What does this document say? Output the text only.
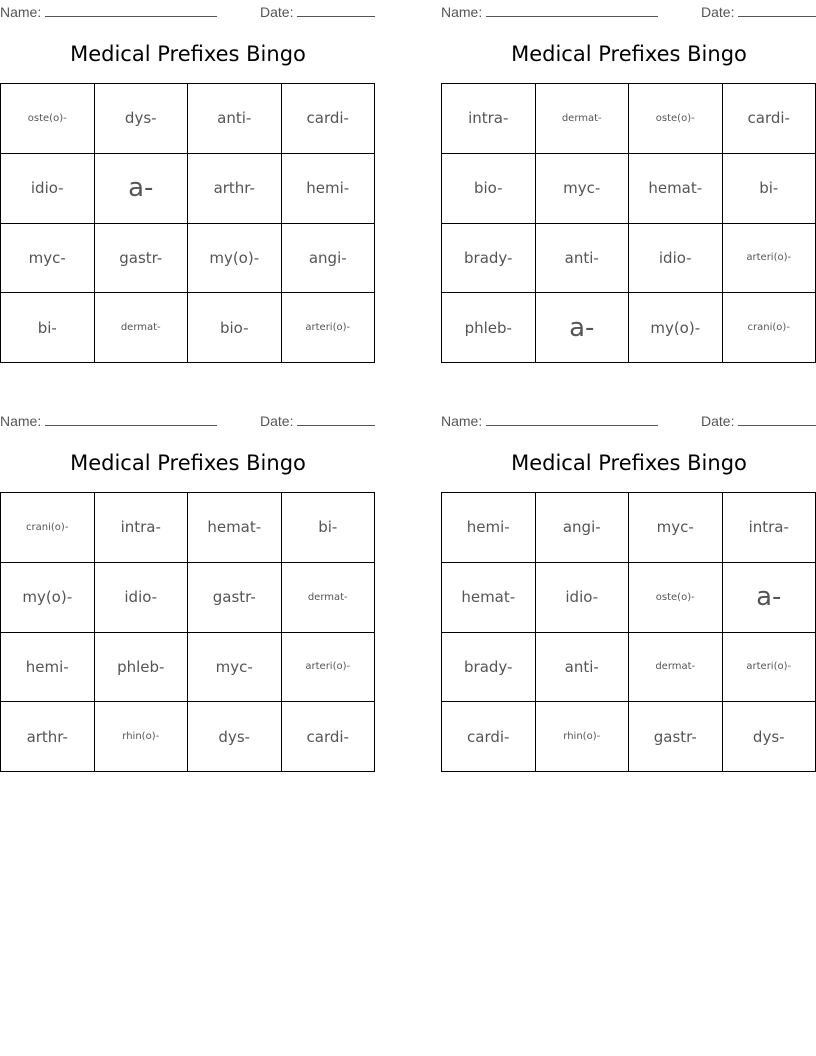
Name:	Date:
Medical Prefixes Bingo
oste(o)-	dys-	anti-	cardi-
idio-	a-	arthr-	hemi-
myc-	gastr-	my(o)-	angi-
bi-	dermat-	bio-	arteri(o)-
Name:	Date:
Medical Prefixes Bingo
intra-	dermat-	oste(o)-	cardi-
bio-	myc-	hemat-	bi-
brady-	anti-	idio-	arteri(o)-
phleb-	a-	my(o)-	crani(o)-
Name:	Date:
Medical Prefixes Bingo
crani(o)-	intra-	hemat-	bi-
my(o)-	idio-	gastr-	dermat-
hemi-	phleb-	myc-	arteri(o)-
arthr-	rhin(o)-	dys-	cardi-
Name:	Date:
Medical Prefixes Bingo
hemi-	angi-	myc-	intra-
hemat-	idio-	oste(o)-	a-
brady-	anti-	dermat-	arteri(o)-
cardi-	rhin(o)-	gastr-	dys-
